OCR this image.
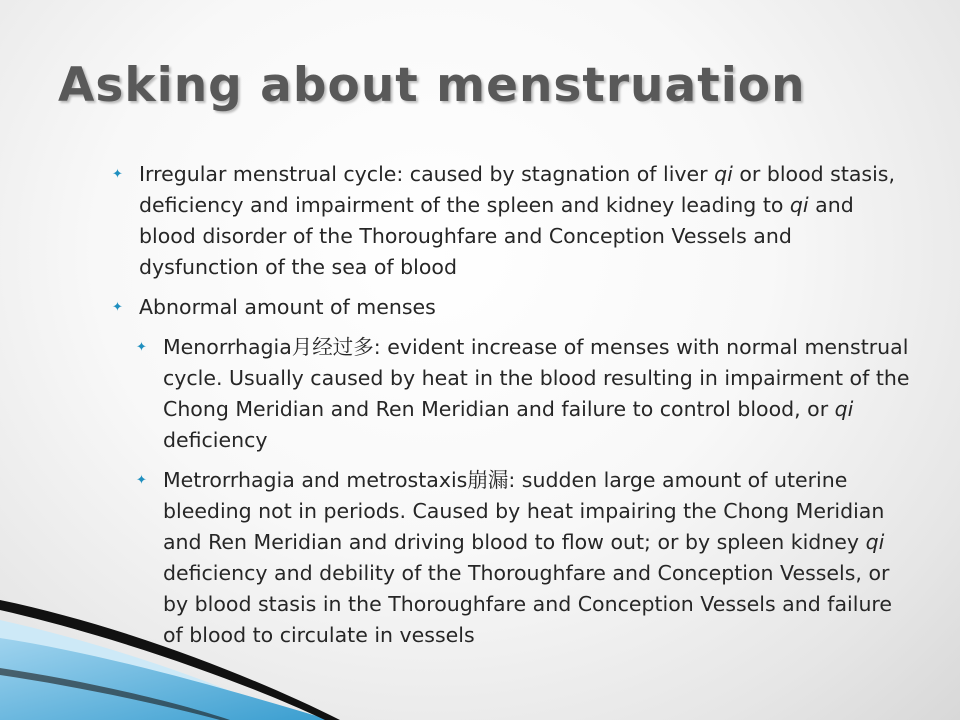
Asking about menstruation
✦ Irregular menstrual cycle: caused by stagnation of liver qi or blood stasis, deficiency and impairment of the spleen and kidney leading to qi and blood disorder of the Thoroughfare and Conception Vessels and dysfunction of the sea of blood
✦ Abnormal amount of menses
✦ Menorrhagia月经过多: evident increase of menses with normal menstrual cycle. Usually caused by heat in the blood resulting in impairment of the Chong Meridian and Ren Meridian and failure to control blood, or qi deficiency
✦ Metrorrhagia and metrostaxis崩漏: sudden large amount of uterine bleeding not in periods. Caused by heat impairing the Chong Meridian and Ren Meridian and driving blood to flow out; or by spleen kidney qi deficiency and debility of the Thoroughfare and Conception Vessels, or by blood stasis in the Thoroughfare and Conception Vessels and failure of blood to circulate in vessels
